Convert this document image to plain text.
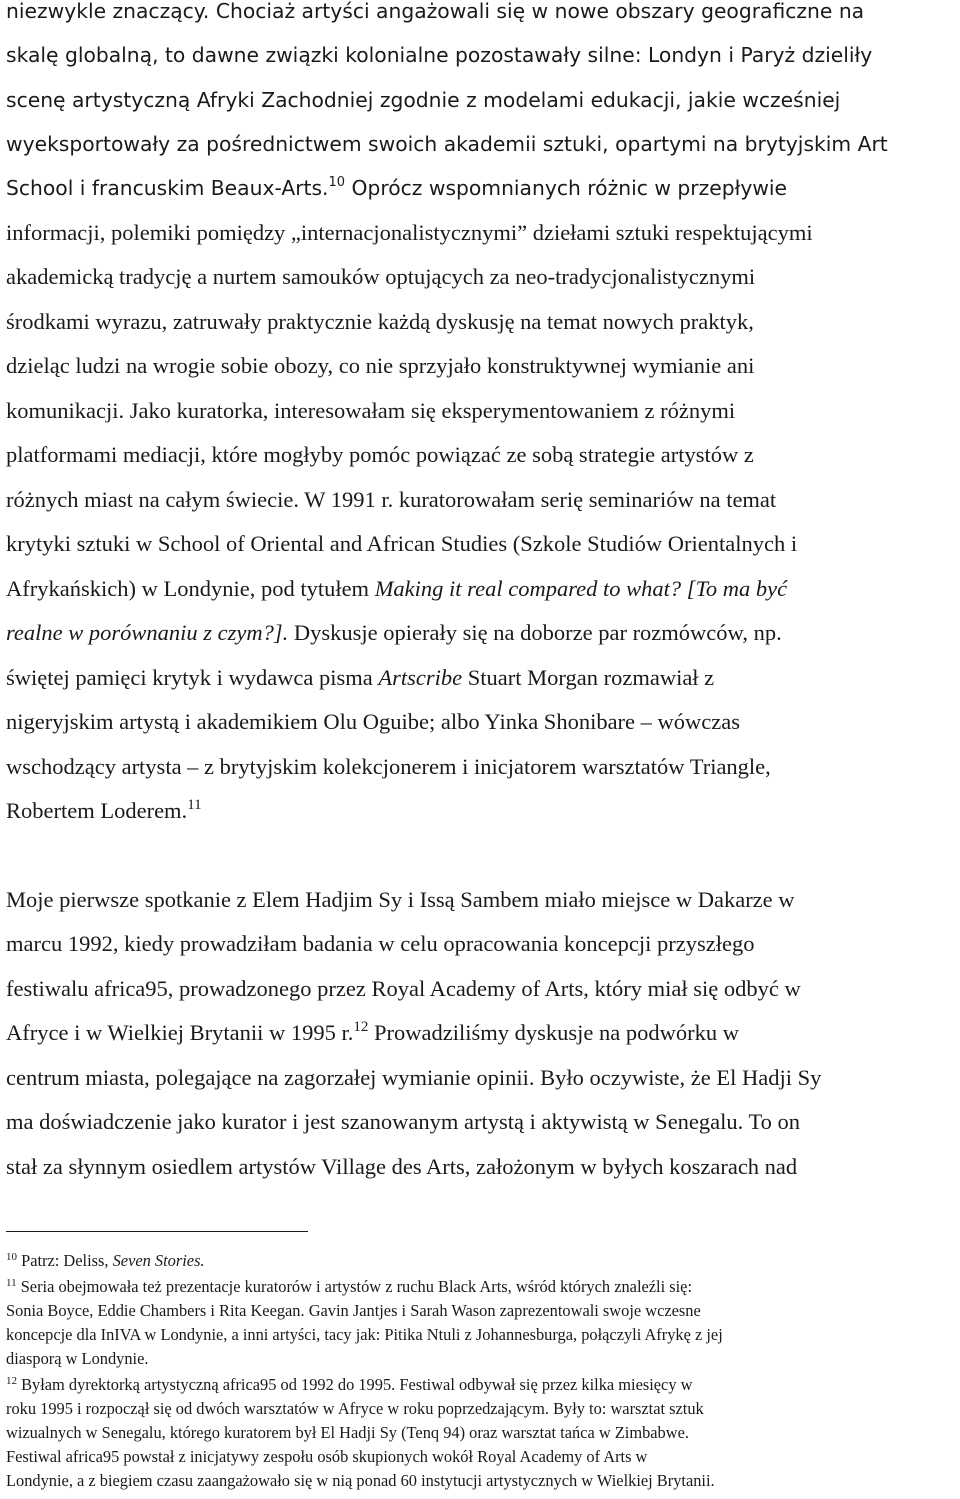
niezwykle znaczący. Chociaż artyści angażowali się w nowe obszary geograficzne na
skalę globalną, to dawne związki kolonialne pozostawały silne: Londyn i Paryż dzieliły
scenę artystyczną Afryki Zachodniej zgodnie z modelami edukacji, jakie wcześniej
wyeksportowały za pośrednictwem swoich akademii sztuki, opartymi na brytyjskim Art
School i francuskim Beaux-Arts.$^{10}$ Oprócz wspomnianych różnic w przepływie
informacji, polemiki pomiędzy „internacjonalistycznymi” dziełami sztuki respektującymi
akademicką tradycję a nurtem samouków optujących za neo-tradycjonalistycznymi
środkami wyrazu, zatruwały praktycznie każdą dyskusję na temat nowych praktyk,
dzieląc ludzi na wrogie sobie obozy, co nie sprzyjało konstruktywnej wymianie ani
komunikacji. Jako kuratorka, interesowałam się eksperymentowaniem z różnymi
platformami mediacji, które mogłyby pomóc powiązać ze sobą strategie artystów z
różnych miast na całym świecie. W 1991 r. kuratorowałam serię seminariów na temat
krytyki sztuki w School of Oriental and African Studies (Szkole Studiów Orientalnych i
Afrykańskich) w Londynie, pod tytułem Making it real compared to what? [To ma być
realne w porównaniu z czym?]. Dyskusje opierały się na doborze par rozmówców, np.
świętej pamięci krytyk i wydawca pisma Artscribe Stuart Morgan rozmawiał z
nigeryjskim artystą i akademikiem Olu Oguibe; albo Yinka Shonibare – wówczas
wschodzący artysta – z brytyjskim kolekcjonerem i inicjatorem warsztatów Triangle,
Robertem Loderem.$^{11}$
Moje pierwsze spotkanie z Elem Hadjim Sy i Issą Sambem miało miejsce w Dakarze w
marcu 1992, kiedy prowadziłam badania w celu opracowania koncepcji przyszłego
festiwalu africa95, prowadzonego przez Royal Academy of Arts, który miał się odbyć w
Afryce i w Wielkiej Brytanii w 1995 r.$^{12}$ Prowadziliśmy dyskusje na podwórku w
centrum miasta, polegające na zagorzałej wymianie opinii. Było oczywiste, że El Hadji Sy
ma doświadczenie jako kurator i jest szanowanym artystą i aktywistą w Senegalu. To on
stał za słynnym osiedlem artystów Village des Arts, założonym w byłych koszarach nad
$^{10}$ Patrz: Deliss, Seven Stories.
$^{11}$ Seria obejmowała też prezentacje kuratorów i artystów z ruchu Black Arts, wśród których znaleźli się:
Sonia Boyce, Eddie Chambers i Rita Keegan. Gavin Jantjes i Sarah Wason zaprezentowali swoje wczesne
koncepcje dla InIVA w Londynie, a inni artyści, tacy jak: Pitika Ntuli z Johannesburga, połączyli Afrykę z jej
diasporą w Londynie.
$^{12}$ Byłam dyrektorką artystyczną africa95 od 1992 do 1995. Festiwal odbywał się przez kilka miesięcy w
roku 1995 i rozpoczął się od dwóch warsztatów w Afryce w roku poprzedzającym. Były to: warsztat sztuk
wizualnych w Senegalu, którego kuratorem był El Hadji Sy (Tenq 94) oraz warsztat tańca w Zimbabwe.
Festiwal africa95 powstał z inicjatywy zespołu osób skupionych wokół Royal Academy of Arts w
Londynie, a z biegiem czasu zaangażowało się w nią ponad 60 instytucji artystycznych w Wielkiej Brytanii.
